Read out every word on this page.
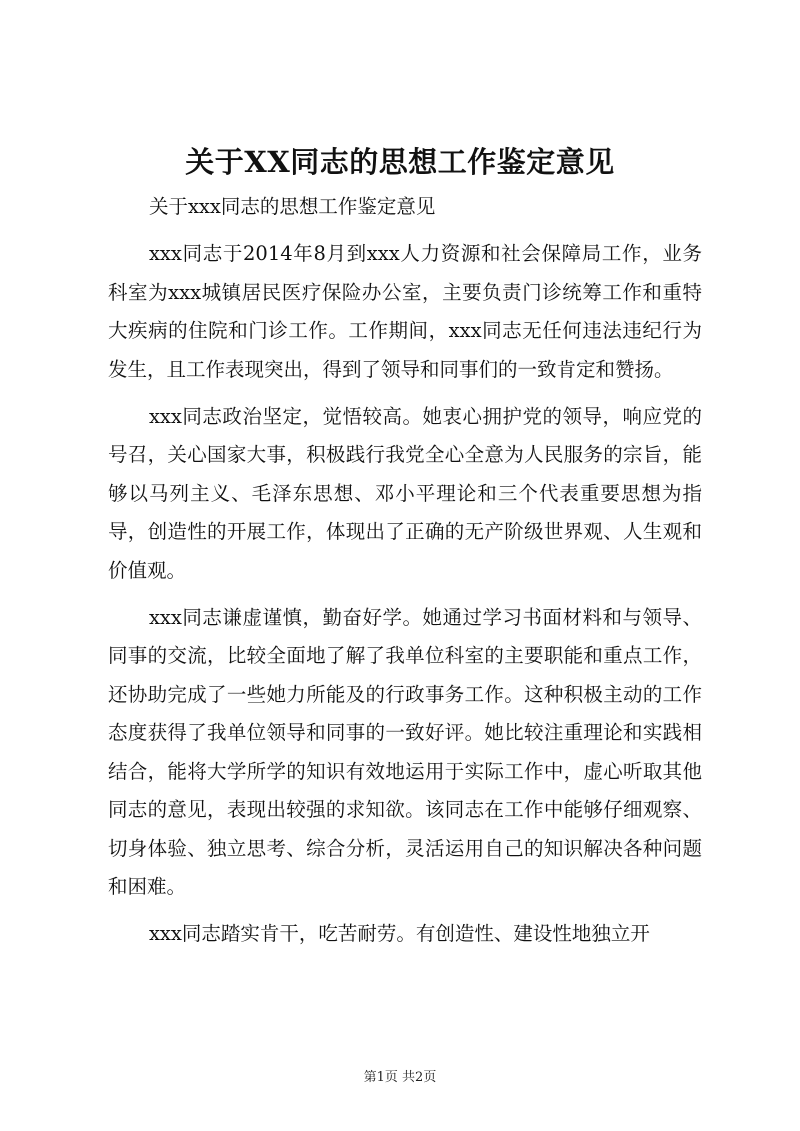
关于XX同志的思想工作鉴定意见

关于xxx同志的思想工作鉴定意见

xxx同志于2014年8月到xxx人力资源和社会保障局工作，业务科室为xxx城镇居民医疗保险办公室，主要负责门诊统筹工作和重特大疾病的住院和门诊工作。工作期间，xxx同志无任何违法违纪行为发生，且工作表现突出，得到了领导和同事们的一致肯定和赞扬。

xxx同志政治坚定，觉悟较高。她衷心拥护党的领导，响应党的号召，关心国家大事，积极践行我党全心全意为人民服务的宗旨，能够以马列主义、毛泽东思想、邓小平理论和三个代表重要思想为指导，创造性的开展工作，体现出了正确的无产阶级世界观、人生观和价值观。

xxx同志谦虚谨慎，勤奋好学。她通过学习书面材料和与领导、同事的交流，比较全面地了解了我单位科室的主要职能和重点工作，还协助完成了一些她力所能及的行政事务工作。这种积极主动的工作态度获得了我单位领导和同事的一致好评。她比较注重理论和实践相结合，能将大学所学的知识有效地运用于实际工作中，虚心听取其他同志的意见，表现出较强的求知欲。该同志在工作中能够仔细观察、切身体验、独立思考、综合分析，灵活运用自己的知识解决各种问题和困难。

xxx同志踏实肯干，吃苦耐劳。有创造性、建设性地独立开

第1页 共2页
